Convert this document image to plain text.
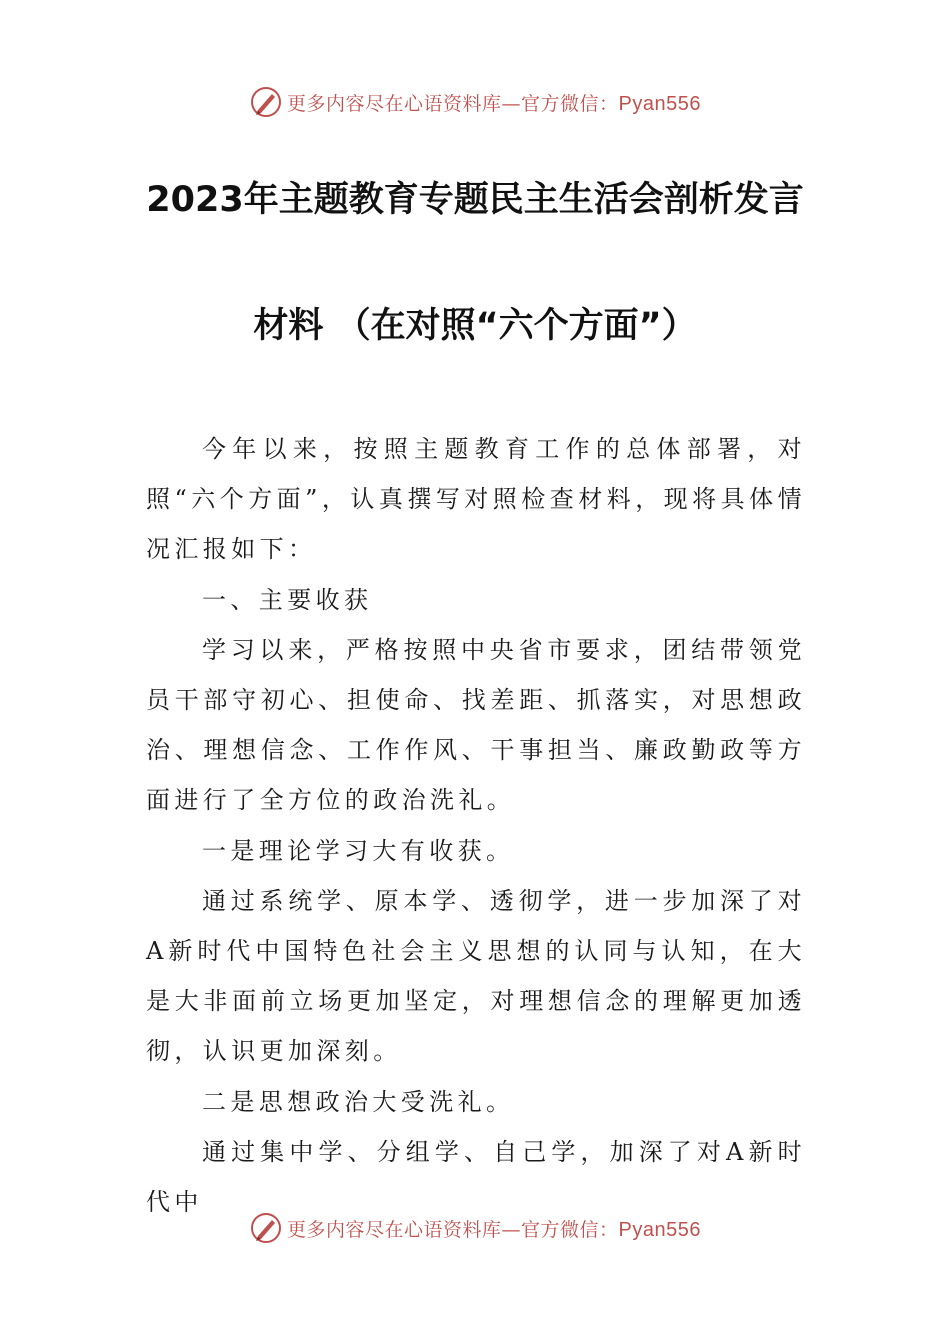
更多内容尽在心语资料库—官方微信：Pyan556
2023年主题教育专题民主生活会剖析发言
材料 （在对照“六个方面”）

今年以来，按照主题教育工作的总体部署，对照“六个方面”，认真撰写对照检查材料，现将具体情况汇报如下：

一、主要收获

学习以来，严格按照中央省市要求，团结带领党员干部守初心、担使命、找差距、抓落实，对思想政治、理想信念、工作作风、干事担当、廉政勤政等方面进行了全方位的政治洗礼。

一是理论学习大有收获。

通过系统学、原本学、透彻学，进一步加深了对A新时代中国特色社会主义思想的认同与认知，在大是大非面前立场更加坚定，对理想信念的理解更加透彻，认识更加深刻。

二是思想政治大受洗礼。

通过集中学、分组学、自己学，加深了对A新时代中

更多内容尽在心语资料库—官方微信：Pyan556
